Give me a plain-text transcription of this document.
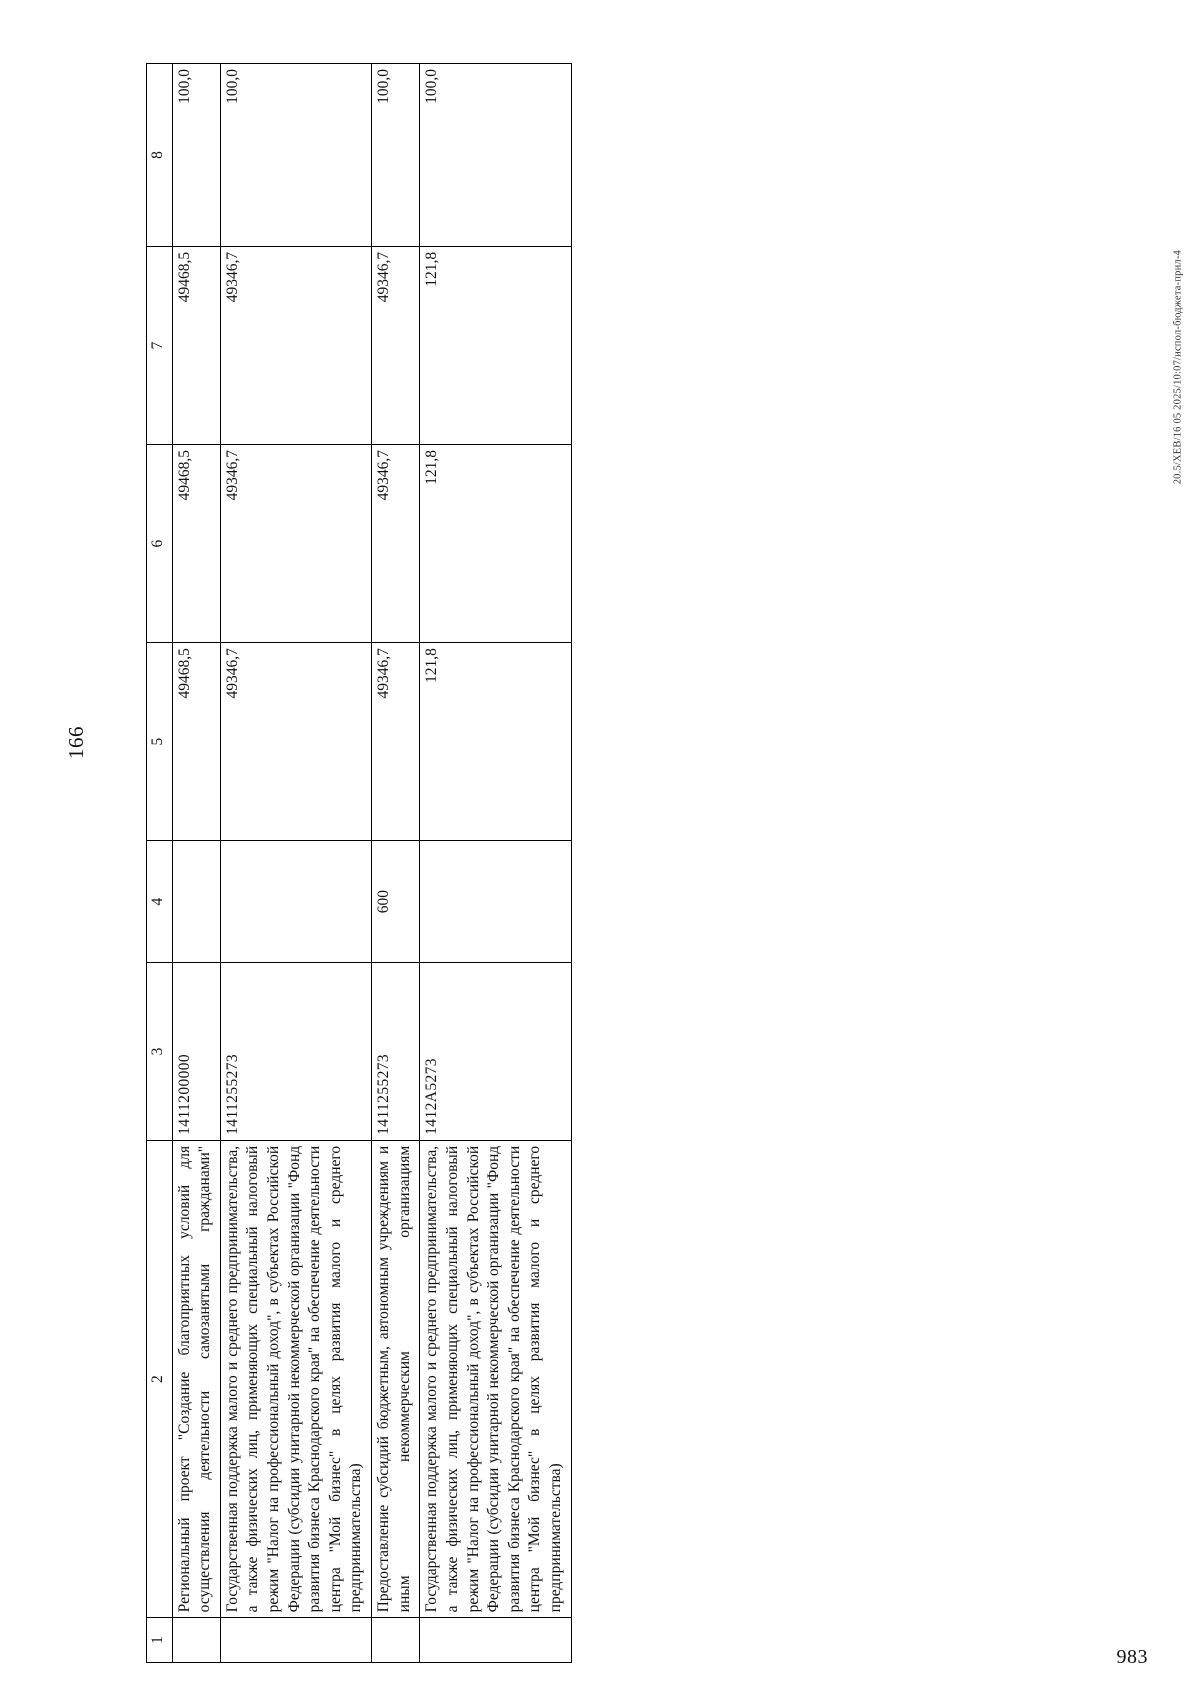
166
1	2	3	4	5	6	7	8
	Региональный проект "Создание благоприятных условий для осуществления деятельности самозанятыми гражданами"	1411200000		49468,5	49468,5	49468,5	100,0
	Государственная поддержка малого и среднего предпринимательства, а также физических лиц, применяющих специальный налоговый режим "Налог на профессиональный доход", в субъектах Российской Федерации (субсидии унитарной некоммерческой организации "Фонд развития бизнеса Краснодарского края" на обеспечение деятельности центра "Мой бизнес" в целях развития малого и среднего предпринимательства)	1411255273		49346,7	49346,7	49346,7	100,0
	Предоставление субсидий бюджетным, автономным учреждениям и иным некоммерческим организациям	1411255273	600	49346,7	49346,7	49346,7	100,0
	Государственная поддержка малого и среднего предпринимательства, а также физических лиц, применяющих специальный налоговый режим "Налог на профессиональный доход", в субъектах Российской Федерации (субсидии унитарной некоммерческой организации "Фонд развития бизнеса Краснодарского края" на обеспечение деятельности центра "Мой бизнес" в целях развития малого и среднего предпринимательства)	1412А5273		121,8	121,8	121,8	100,0
20.5/ХЕВ/16 05 2025/10:07/испол-бюджета-прил-4
983
